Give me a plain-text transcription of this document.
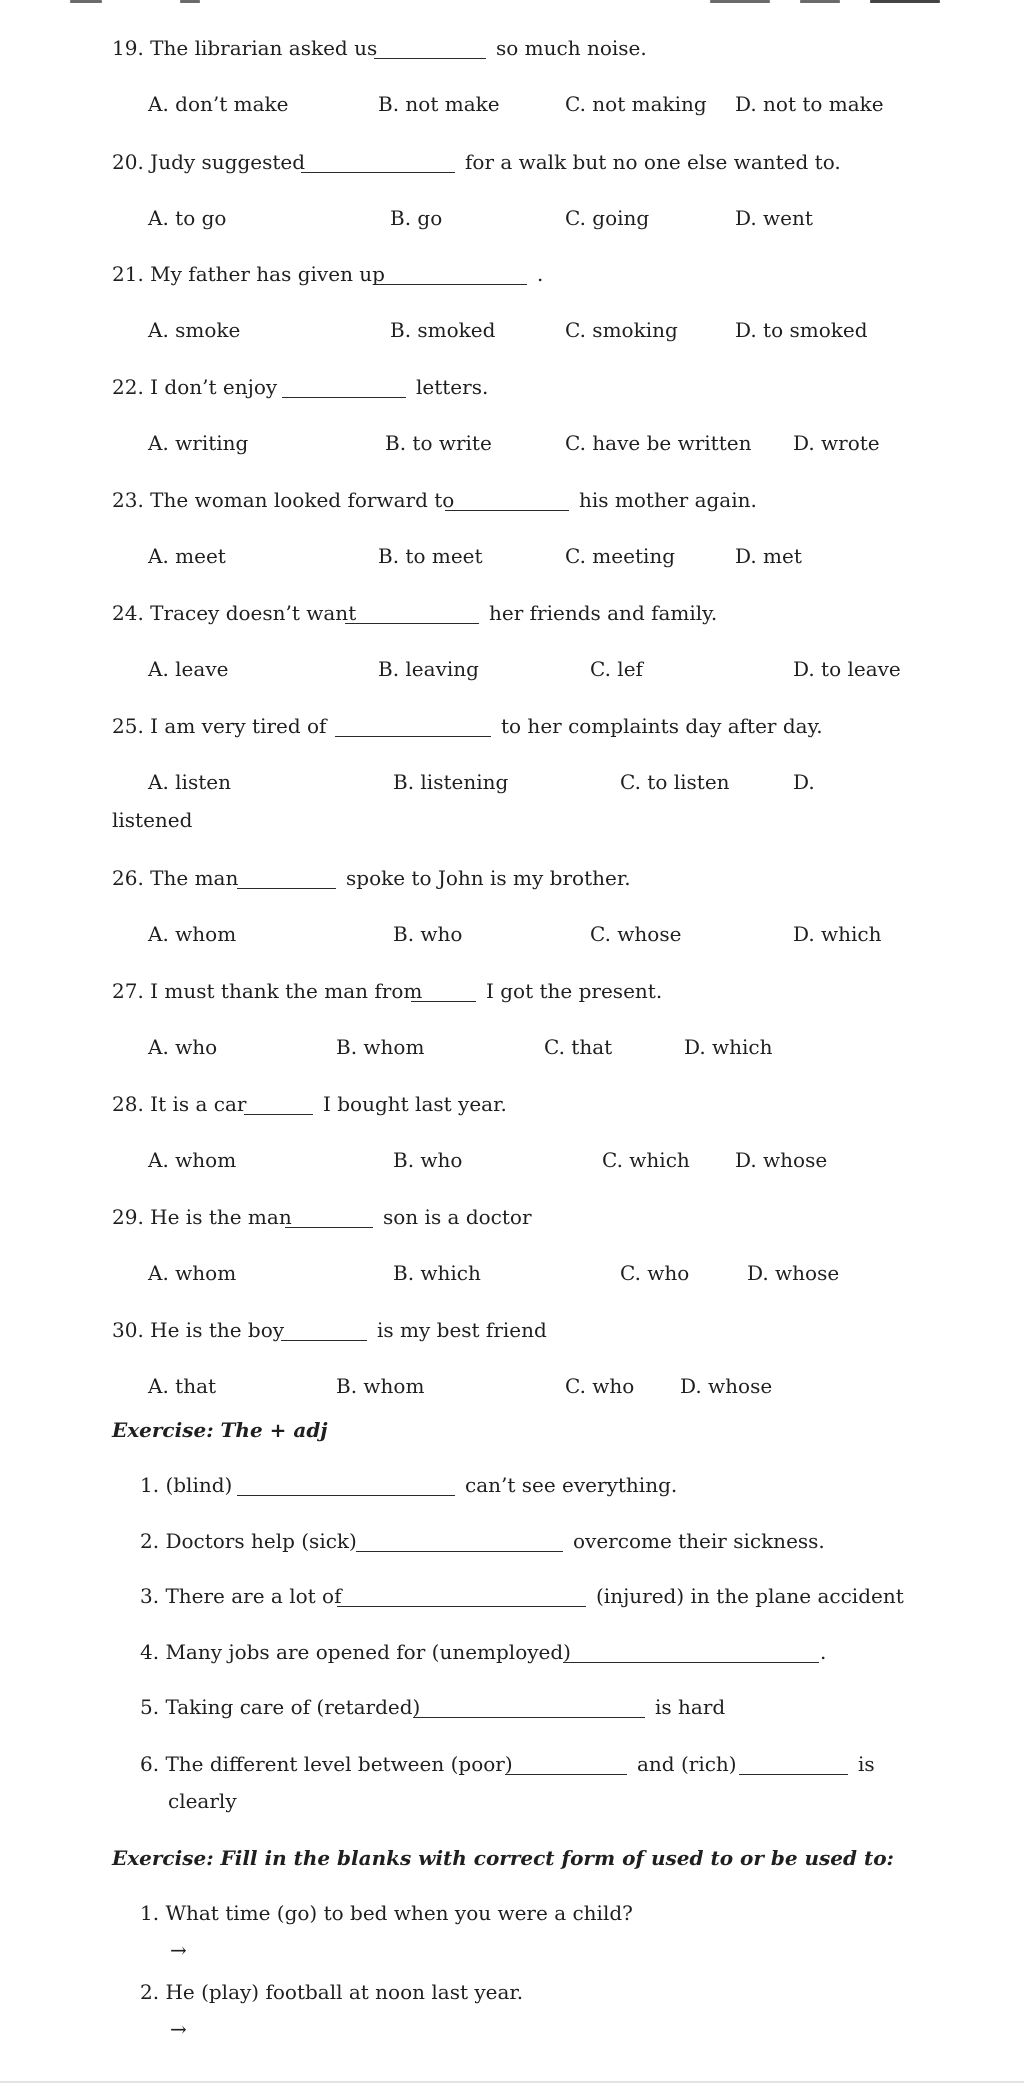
19. The librarian asked us	so much noise.
A. don’t make	B. not make	C. not making D. not to make
20. Judy suggested	for a walk but no one else wanted to.
A. to go	B. go	C. going	D. went
21. My father has given up	.
A. smoke	B. smoked	C. smoking	D. to smoked
22. I don’t enjoy	letters.
A. writing	B. to write	C. have be written D. wrote
23. The woman looked forward to	his mother again.
A. meet	B. to meet	C. meeting	D. met
24. Tracey doesn’t want	her friends and family.
A. leave	B. leaving	C. lef	D. to leave
25. I am very tired of	to her complaints day after day.
A. listen	B. listening	C. to listen	D.
listened
26. The man	spoke to John is my brother.
A. whom	B. who	C. whose	D. which
27. I must thank the man from	I got the present.
A. who	B. whom	C. that	D. which
28. It is a car	I bought last year.
A. whom	B. who	C. which D. whose
29. He is the man	son is a doctor
A. whom	B. which	C. who	D. whose
30. He is the boy	is my best friend
A. that	B. whom	C. who D. whose
Exercise: The + adj
1. (blind)	can’t see everything.
2. Doctors help (sick)	overcome their sickness.
3. There are a lot of	(injured) in the plane accident
4. Many jobs are opened for (unemployed)	.
5. Taking care of (retarded)	is hard
6. The different level between (poor)	and (rich)	is
clearly
Exercise: Fill in the blanks with correct form of used to or be used to:
1. What time (go) to bed when you were a child?
→
2. He (play) football at noon last year.
→
